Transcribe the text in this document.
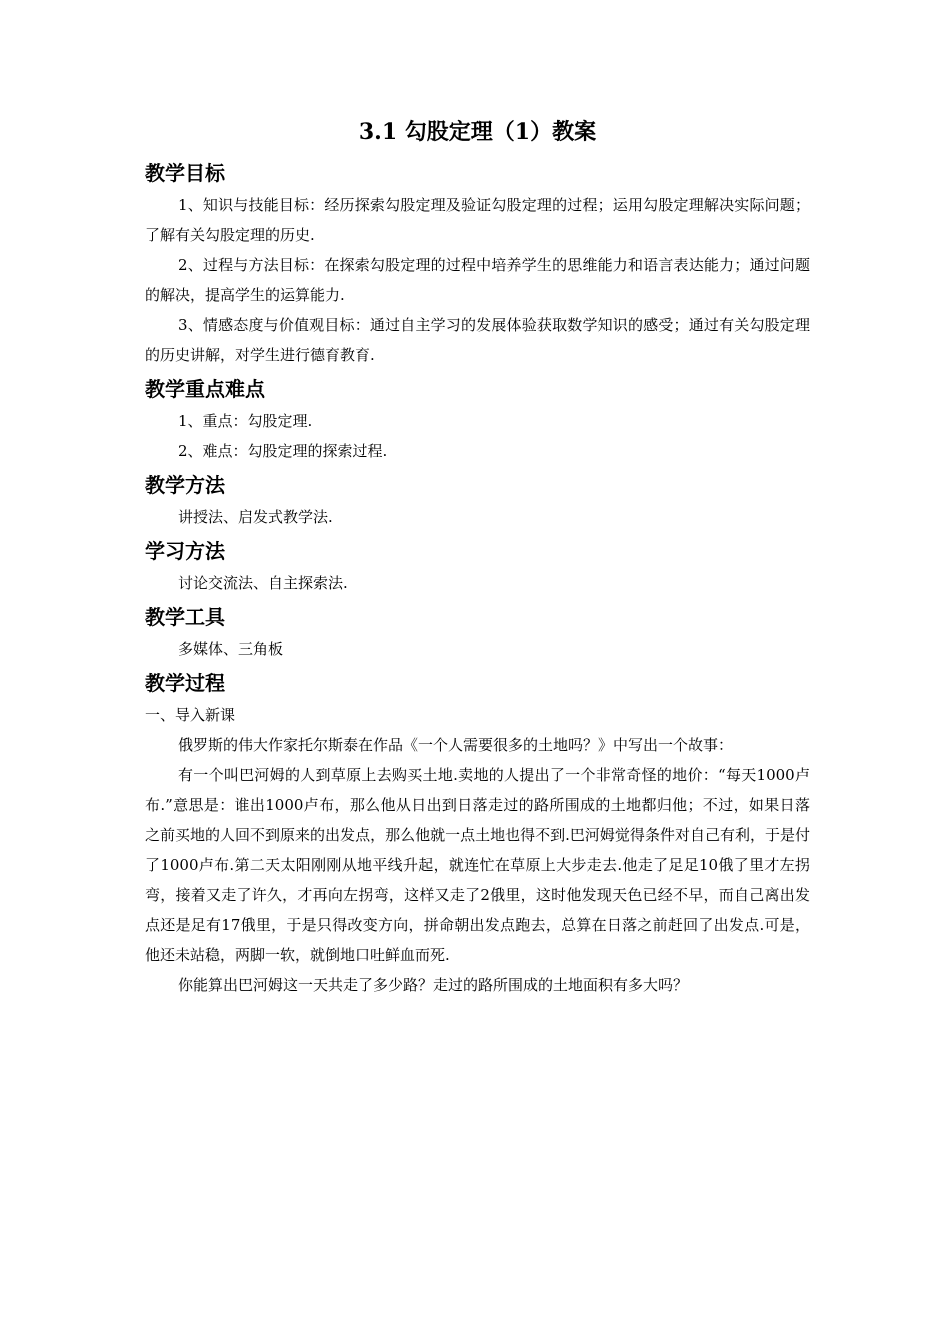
3.1 勾股定理（1）教案
教学目标

1、知识与技能目标：经历探索勾股定理及验证勾股定理的过程；运用勾股定理解决实际问题；了解有关勾股定理的历史.

2、过程与方法目标：在探索勾股定理的过程中培养学生的思维能力和语言表达能力；通过问题的解决，提高学生的运算能力.

3、情感态度与价值观目标：通过自主学习的发展体验获取数学知识的感受；通过有关勾股定理的历史讲解，对学生进行德育教育.

教学重点难点

1、重点：勾股定理.

2、难点：勾股定理的探索过程.

教学方法

讲授法、启发式教学法.

学习方法

讨论交流法、自主探索法.

教学工具

多媒体、三角板

教学过程

一、导入新课

俄罗斯的伟大作家托尔斯泰在作品《一个人需要很多的土地吗？》中写出一个故事：

有一个叫巴河姆的人到草原上去购买土地.卖地的人提出了一个非常奇怪的地价：“每天1000卢布.”意思是：谁出1000卢布，那么他从日出到日落走过的路所围成的土地都归他；不过，如果日落之前买地的人回不到原来的出发点，那么他就一点土地也得不到.巴河姆觉得条件对自己有利，于是付了1000卢布.第二天太阳刚刚从地平线升起，就连忙在草原上大步走去.他走了足足10俄了里才左拐弯，接着又走了许久，才再向左拐弯，这样又走了2俄里，这时他发现天色已经不早，而自己离出发点还是足有17俄里，于是只得改变方向，拼命朝出发点跑去，总算在日落之前赶回了出发点.可是，他还未站稳，两脚一软，就倒地口吐鲜血而死.

你能算出巴河姆这一天共走了多少路？走过的路所围成的土地面积有多大吗？
